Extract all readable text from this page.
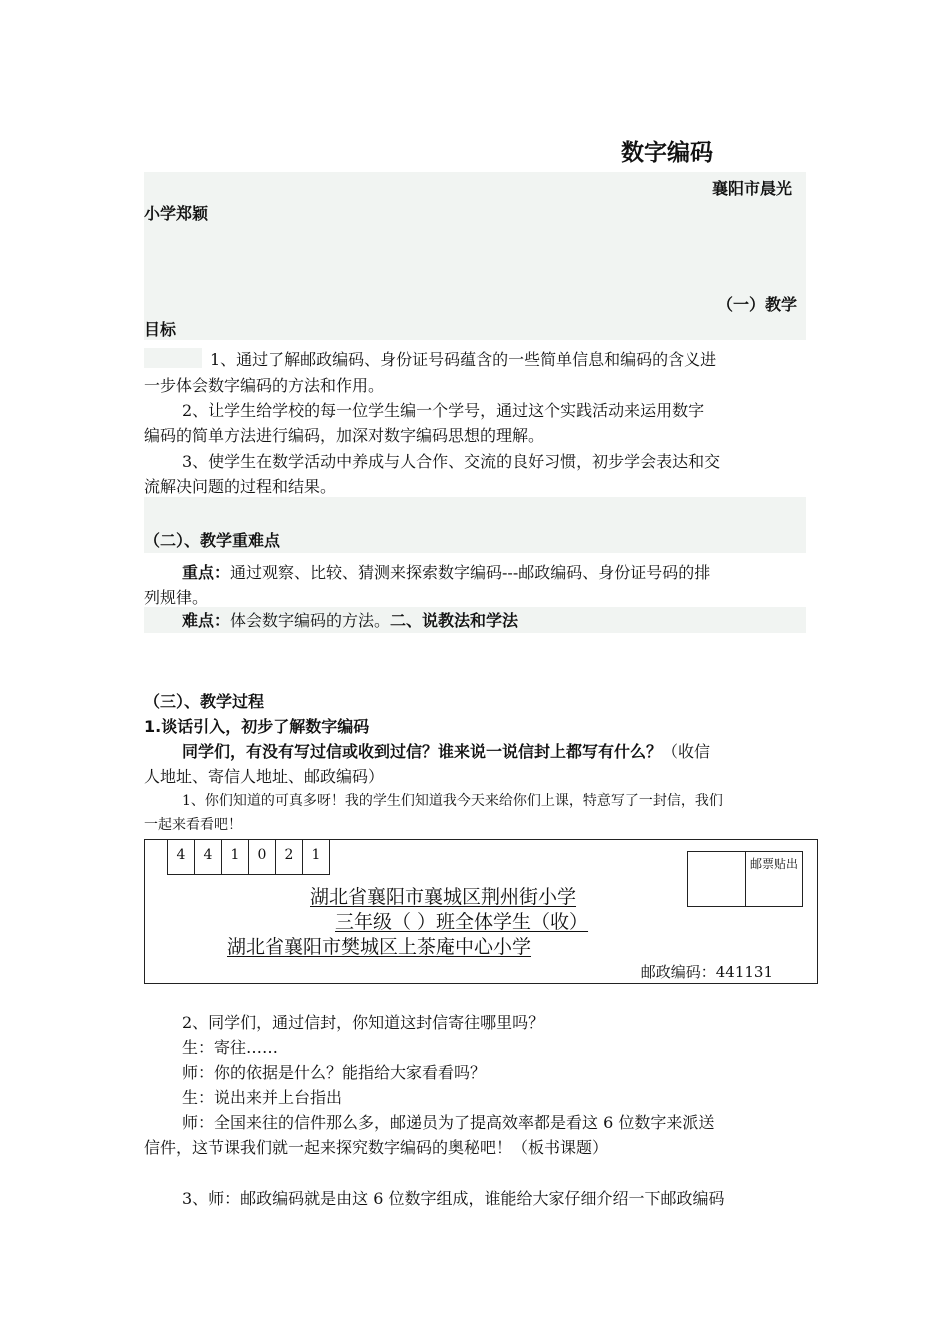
数字编码
襄阳市晨光
小学郑颖
（一）教学
目标
1、通过了解邮政编码、身份证号码蕴含的一些简单信息和编码的含义进
一步体会数字编码的方法和作用。
2、让学生给学校的每一位学生编一个学号，通过这个实践活动来运用数字
编码的简单方法进行编码，加深对数字编码思想的理解。
3、使学生在数学活动中养成与人合作、交流的良好习惯，初步学会表达和交
流解决问题的过程和结果。
（二）、教学重难点
重点：通过观察、比较、猜测来探索数字编码---邮政编码、身份证号码的排
列规律。
难点：体会数字编码的方法。二、说教法和学法
（三）、教学过程
1.谈话引入，初步了解数字编码
同学们，有没有写过信或收到过信？谁来说一说信封上都写有什么？（收信
人地址、寄信人地址、邮政编码）
1、你们知道的可真多呀！我的学生们知道我今天来给你们上课，特意写了一封信，我们
一起来看看吧！
4	4	1	0	2	1
邮票贴出
湖北省襄阳市襄城区荆州街小学
三年级（ ）班全体学生（收）
湖北省襄阳市樊城区上茶庵中心小学
邮政编码：441131
2、同学们，通过信封，你知道这封信寄往哪里吗？
生：寄往……
师：你的依据是什么？能指给大家看看吗？
生：说出来并上台指出
师：全国来往的信件那么多，邮递员为了提高效率都是看这 6 位数字来派送
信件，这节课我们就一起来探究数字编码的奥秘吧！（板书课题）
3、师：邮政编码就是由这 6 位数字组成，谁能给大家仔细介绍一下邮政编码
